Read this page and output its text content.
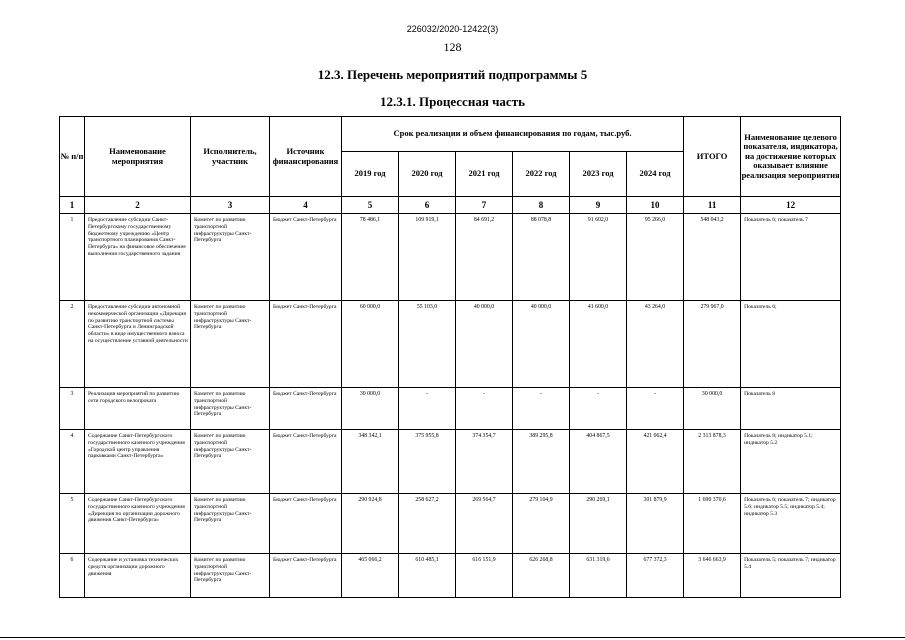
226032/2020-12422(3)
128
12.3. Перечень мероприятий подпрограммы 5
12.3.1. Процессная часть
№ п/п	Наименование мероприятия	Исполнитель, участник	Источник финансирования	Срок реализации и объем финансирования по годам, тыс.руб.						ИТОГО	Наименование целевого показателя, индикатора, на достижение которых оказывает влияние реализация мероприятия
				2019 год	2020 год	2021 год	2022 год	2023 год	2024 год		
1	2	3	4	5	6	7	8	9	10	11	12
1	Предоставление субсидии Санкт-Петербургскому государственному бюджетному учреждению «Центр транспортного планирования Санкт-Петербурга» на финансовое обеспечение выполнения государственного задания	Комитет по развитию транспортной инфраструктуры Санкт-Петербурга	Бюджет Санкт-Петербурга	78 486,1	109 919,1	84 691,2	88 078,8	91 602,0	95 266,0	548 043,2	Показатель 6; показатель 7
2	Предоставление субсидии автономной некоммерческой организации «Дирекция по развитию транспортной системы Санкт-Петербурга и Ленинградской области» в виде имущественного взноса на осуществление уставной деятельности	Комитет по развитию транспортной инфраструктуры Санкт-Петербурга	Бюджет Санкт-Петербурга	60 000,0	55 103,0	40 000,0	40 000,0	41 600,0	43 264,0	279 967,0	Показатель 6;
3	Реализация мероприятий по развитию сети городского велопроката	Комитет по развитию транспортной инфраструктуры Санкт-Петербурга	Бюджет Санкт-Петербурга	30 000,0	-	-	-	-	-	30 000,0	Показатель 8
4	Содержание Санкт-Петербургского государственного казенного учреждения «Городской центр управления парковками Санкт-Петербурга»	Комитет по развитию транспортной инфраструктуры Санкт-Петербурга	Бюджет Санкт-Петербурга	348 342,1	375 955,8	374 354,7	389 295,8	404 867,5	421 062,4	2 313 878,3	Показатель 8; индикатор 5.1; индикатор 5.2
5	Содержание Санкт-Петербургского государственного казенного учреждения «Дирекция по организации дорожного движения Санкт-Петербурга»	Комитет по развитию транспортной инфраструктуры Санкт-Петербурга	Бюджет Санкт-Петербурга	290 924,8	258 627,2	269 564,7	279 104,9	290 269,1	301 879,9	1 690 370,6	Показатель 6; показатель 7; индикатор 5.6; индикатор 5.5; индикатор 5.4; индикатор 5.3
6	Содержание и установка технических средств организации дорожного движения	Комитет по развитию транспортной инфраструктуры Санкт-Петербурга	Бюджет Санкт-Петербурга	465 066,2	610 485,1	616 151,9	626 268,8	631 319,6	677 372,3	3 646 663,9	Показатель 5; показатель 7; индикатор 5.4
